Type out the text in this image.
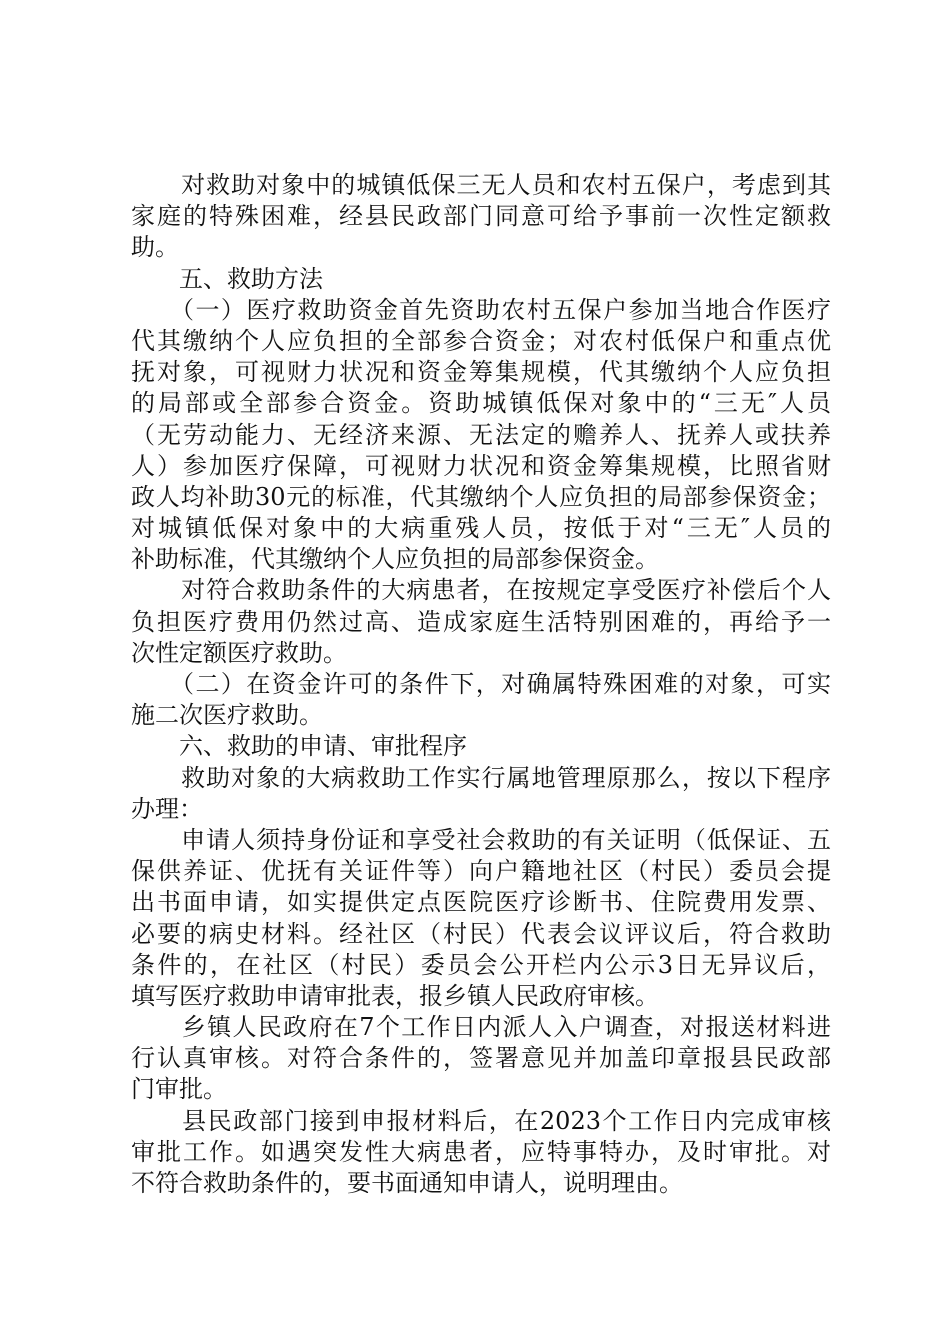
　　对救助对象中的城镇低保三无人员和农村五保户，考虑到其
家庭的特殊困难，经县民政部门同意可给予事前一次性定额救
助。
　　五、救助方法
　　（一）医疗救助资金首先资助农村五保户参加当地合作医疗
代其缴纳个人应负担的全部参合资金；对农村低保户和重点优
抚对象，可视财力状况和资金筹集规模，代其缴纳个人应负担
的局部或全部参合资金。资助城镇低保对象中的“三无″人员
（无劳动能力、无经济来源、无法定的赡养人、抚养人或扶养
人）参加医疗保障，可视财力状况和资金筹集规模，比照省财
政人均补助30元的标准，代其缴纳个人应负担的局部参保资金；
对城镇低保对象中的大病重残人员，按低于对“三无″人员的
补助标准，代其缴纳个人应负担的局部参保资金。
　　对符合救助条件的大病患者，在按规定享受医疗补偿后个人
负担医疗费用仍然过高、造成家庭生活特别困难的，再给予一
次性定额医疗救助。
　　（二）在资金许可的条件下，对确属特殊困难的对象，可实
施二次医疗救助。
　　六、救助的申请、审批程序
　　救助对象的大病救助工作实行属地管理原那么，按以下程序
办理：
　　申请人须持身份证和享受社会救助的有关证明（低保证、五
保供养证、优抚有关证件等）向户籍地社区（村民）委员会提
出书面申请，如实提供定点医院医疗诊断书、住院费用发票、
必要的病史材料。经社区（村民）代表会议评议后，符合救助
条件的，在社区（村民）委员会公开栏内公示3日无异议后，
填写医疗救助申请审批表，报乡镇人民政府审核。
　　乡镇人民政府在7个工作日内派人入户调查，对报送材料进
行认真审核。对符合条件的，签署意见并加盖印章报县民政部
门审批。
　　县民政部门接到申报材料后，在2023个工作日内完成审核
审批工作。如遇突发性大病患者，应特事特办，及时审批。对
不符合救助条件的，要书面通知申请人，说明理由。
